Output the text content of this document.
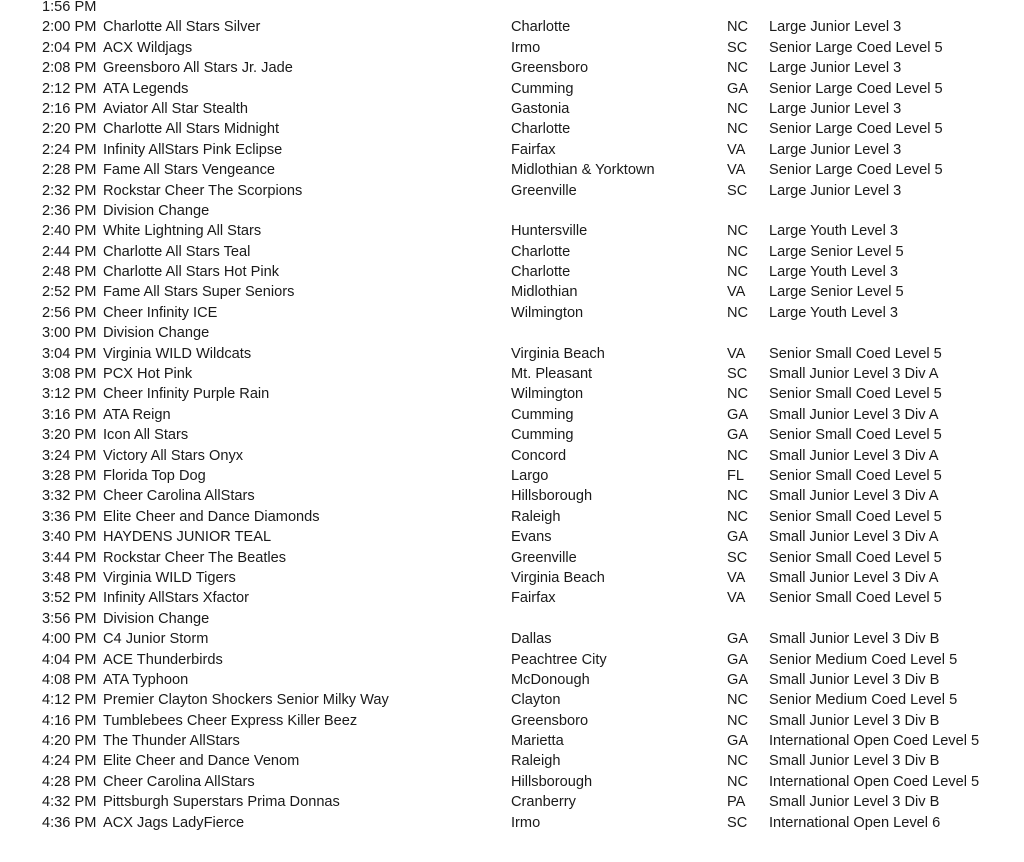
1:56 PM
2:00 PM Charlotte All Stars Silver	Charlotte	NC Large Junior Level 3
2:04 PM ACX Wildjags	Irmo	SC Senior Large Coed Level 5
2:08 PM Greensboro All Stars Jr. Jade	Greensboro	NC Large Junior Level 3
2:12 PM ATA Legends	Cumming	GA Senior Large Coed Level 5
2:16 PM Aviator All Star Stealth	Gastonia	NC Large Junior Level 3
2:20 PM Charlotte All Stars Midnight	Charlotte	NC Senior Large Coed Level 5
2:24 PM Infinity AllStars Pink Eclipse	Fairfax	VA Large Junior Level 3
2:28 PM Fame All Stars Vengeance	Midlothian & Yorktown	VA Senior Large Coed Level 5
2:32 PM Rockstar Cheer The Scorpions	Greenville	SC Large Junior Level 3
2:36 PM Division Change
2:40 PM White Lightning All Stars	Huntersville	NC Large Youth Level 3
2:44 PM Charlotte All Stars Teal	Charlotte	NC Large Senior Level 5
2:48 PM Charlotte All Stars Hot Pink	Charlotte	NC Large Youth Level 3
2:52 PM Fame All Stars Super Seniors	Midlothian	VA Large Senior Level 5
2:56 PM Cheer Infinity ICE	Wilmington	NC Large Youth Level 3
3:00 PM Division Change
3:04 PM Virginia WILD Wildcats	Virginia Beach	VA Senior Small Coed Level 5
3:08 PM PCX Hot Pink	Mt. Pleasant	SC Small Junior Level 3 Div A
3:12 PM Cheer Infinity Purple Rain	Wilmington	NC Senior Small Coed Level 5
3:16 PM ATA Reign	Cumming	GA Small Junior Level 3 Div A
3:20 PM Icon All Stars	Cumming	GA Senior Small Coed Level 5
3:24 PM Victory All Stars Onyx	Concord	NC Small Junior Level 3 Div A
3:28 PM Florida Top Dog	Largo	FL Senior Small Coed Level 5
3:32 PM Cheer Carolina AllStars	Hillsborough	NC Small Junior Level 3 Div A
3:36 PM Elite Cheer and Dance Diamonds	Raleigh	NC Senior Small Coed Level 5
3:40 PM HAYDENS JUNIOR TEAL	Evans	GA Small Junior Level 3 Div A
3:44 PM Rockstar Cheer The Beatles	Greenville	SC Senior Small Coed Level 5
3:48 PM Virginia WILD Tigers	Virginia Beach	VA Small Junior Level 3 Div A
3:52 PM Infinity AllStars Xfactor	Fairfax	VA Senior Small Coed Level 5
3:56 PM Division Change
4:00 PM C4 Junior Storm	Dallas	GA Small Junior Level 3 Div B
4:04 PM ACE Thunderbirds	Peachtree City	GA Senior Medium Coed Level 5
4:08 PM ATA Typhoon	McDonough	GA Small Junior Level 3 Div B
4:12 PM Premier Clayton Shockers Senior Milky Way	Clayton	NC Senior Medium Coed Level 5
4:16 PM Tumblebees Cheer Express Killer Beez	Greensboro	NC Small Junior Level 3 Div B
4:20 PM The Thunder AllStars	Marietta	GA International Open Coed Level 5
4:24 PM Elite Cheer and Dance Venom	Raleigh	NC Small Junior Level 3 Div B
4:28 PM Cheer Carolina AllStars	Hillsborough	NC International Open Coed Level 5
4:32 PM Pittsburgh Superstars Prima Donnas	Cranberry	PA Small Junior Level 3 Div B
4:36 PM ACX Jags LadyFierce	Irmo	SC International Open Level 6
